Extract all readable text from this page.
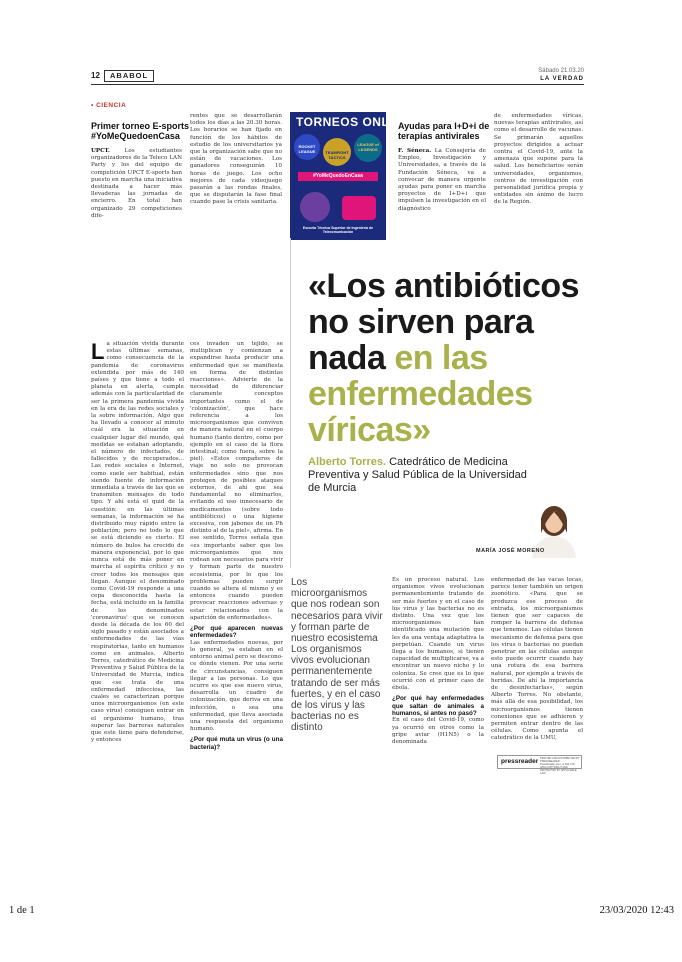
12	ABABOL	Sábado 21.03.20
LA VERDAD
• CIENCIA
Primer torneo E-sports #YoMeQuedoenCasa
UPCT. Los estudiantes organizadores de la Teleco LAN Party y los del equipo de competición UPCT E-sports han puesto en marcha una iniciativa destinada a hacer más llevaderas las jornadas de encierro. En total han organizado 29 competiciones dife-
rentes que se desarrollarán todos los días a las 20.30 horas. Los horarios se han fijado en función de los hábitos de estudio de los universitarios ya que la organización sabe que no están de vacaciones. Los ganadores conseguirán 10 horas de juego. Los ocho mejores de cada videojuego pasarán a las rondas finales, que se disputarán la fase final cuando pase la crisis sanitaria.
TORNEOS ONLINE
ROCKET LEAGUE	TEAMFIGHT TACTICS
LEAGUE of LEGENDS
#YoMeQuedoEnCasa
Escuela Técnica Superior de Ingeniería de Telecomunicación
Ayudas para I+D+i de terapias antivirales
F. Séneca. La Consejería de Empleo, Investigación y Universidades, a través de la Fundación Séneca, va a convocar de manera urgente ayudas para poner en marcha proyectos de I+D+i que impulsen la investigación en el diagnóstico
de enfermedades víricas, nuevas terapias antivirales, así como el desarrollo de vacunas. Se primarán aquellos proyectos dirigidos a actuar contra el Covid-19, ante la amenaza que supone para la salud. Los beneficiarios serán universidades, organismos, centros de investigación con personalidad jurídica propia y entidades sin ánimo de lucro de la Región.
«Los antibióticos no sirven para nada en las enfermedades víricas»
Alberto Torres. Catedrático de Medicina Preventiva y Salud Pública de la Universidad de Murcia
MARÍA JOSÉ MORENO
La situación vivida durante estas últimas semanas, como consecuencia de la pandemia de coronavirus extendida por más de 140 países y que tiene a todo el planeta en alerta, cumple además con la particularidad de ser la primera pandemia vivida en la era de las redes sociales y la sobre información. Algo que ha llevado a conocer al minuto cuál era la situación en cualquier lugar del mundo, qué medidas se estaban adoptando, el número de infectados, de fallecidos y de recuperados... Las redes sociales e Internet, como suele ser habitual, están siendo fuente de información inmediata a través de las que se transmiten mensajes de todo tipo. Y ahí está el quid de la cuestión: en las últimas semanas, la información se ha distribuido muy rápido entre la población; pero no todo lo que se está diciendo es cierto. El número de bulos ha crecido de manera exponencial, por lo que nunca está de más poner en marcha el espíritu crítico y no creer todos los mensajes que llegan. Aunque el denominado como Covid-19 responde a una cepa desconocida hasta la fecha, está incluido en la familia de los denominados 'coronavirus' que se conocen desde la década de los 60 del siglo pasado y están asociados a enfermedades de las vías respiratorias, tanto en humanos como en animales. Alberto Torres, catedrático de Medicina Preventiva y Salud Pública de la Universidad de Murcia, indica que «se trata de una enfermedad infecciosa, las cuales se caracterizan porque unos microorganismos (en este caso virus) consiguen entrar en el organismo humano, tras superar las barreras naturales que este tiene para defenderse, y entonces
ces invaden un tejido, se multiplican y comienzan a expandirse hasta producir una enfermedad que se manifiesta en forma de distintas reacciones». Advierte de la necesidad de diferenciar claramente conceptos importantes como el de 'colonización', que hace referencia a los microorganismos que conviven de manera natural en el cuerpo humano (tanto dentro, como por ejemplo en el caso de la flora intestinal; como fuera, sobre la piel). «Estos compañeros de viaje no solo no provocan enfermedades sino que nos protegen de posibles ataques externos, de ahí que sea fundamental no eliminarlos, evitando el uso innecesario de medicamentos (sobre todo antibióticos) o una higiene excesiva, con jabones de un Ph distinto al de la piel», afirma. En ese sentido, Torres señala que «es importante saber que los microorganismos que nos rodean son necesarios para vivir y forman parte de nuestro ecosistema, por lo que los problemas pueden surgir cuando se altera el mismo y es entonces cuando pueden provocar reacciones adversas y estar relacionados con la aparición de enfermedades».
¿Por qué aparecen nuevas enfermedades?
Las enfermedades nuevas, por lo general, ya estaban en el entorno animal pero se descono-ce dónde vienen. Por una serie de circunstancias, consiguen llegar a las personas. Lo que ocurre es que ese nuevo virus, desarrolla un cuadro de colonización, que deriva en una infección, o sea una enfermedad, que lleva asociada una respuesta del organismo humano.
¿Por qué muta un virus (o una bacteria)?
Los microorganismos que nos rodean son necesarios para vivir y forman parte de nuestro ecosistema
Los organismos vivos evolucionan permanentemente tratando de ser más fuertes, y en el caso de los virus y las bacterias no es distinto
Es un proceso natural. Los organismos vivos evolucionan permanentemente tratando de ser más fuertes y en el caso de los virus y las bacterias no es distinto. Una vez que los microorganismos han identificado una mutación que les da una ventaja adaptativa la perpetúan. Cuando un virus llega a los humanos, si tienen capacidad de multiplicarse, va a encontrar un nuevo nicho y lo coloniza. Se cree que es lo que ocurrió con el primer caso de ébola.
¿Por qué hay enfermedades que saltan de animales a humanos, si antes no pasó?
En el caso del Covid-19, como ya ocurrió en otros como la gripe aviar (H1N5) o la denominada
enfermedad de las vacas locas, parece tener también un origen zoonótico. «Para que se produzca ese proceso de entrada, los microorganismos tienen que ser capaces de romper la barrera de defensa que tenemos. Las células tienen mecanismo de defensa para que los virus o bacterias no puedan penetrar en las células aunque esto puede ocurrir cuando hay una rotura de esa barrera natural, por ejemplo a través de heridas. De ahí la importancia de desinfectarlas», según Alberto Torres. No obstante, más allá de esa posibilidad, los microorganismos tienen conexiones que se adhieren y permiten entrar dentro de las células. Como apunta el catedrático de la UMU,
pressreader PRINTED AND DISTRIBUTED BY PRESSREADER PressReader.com +1 604 278 4604 COPYRIGHT AND PROTECTED BY APPLICABLE LAW
1 de 1	23/03/2020 12:43
